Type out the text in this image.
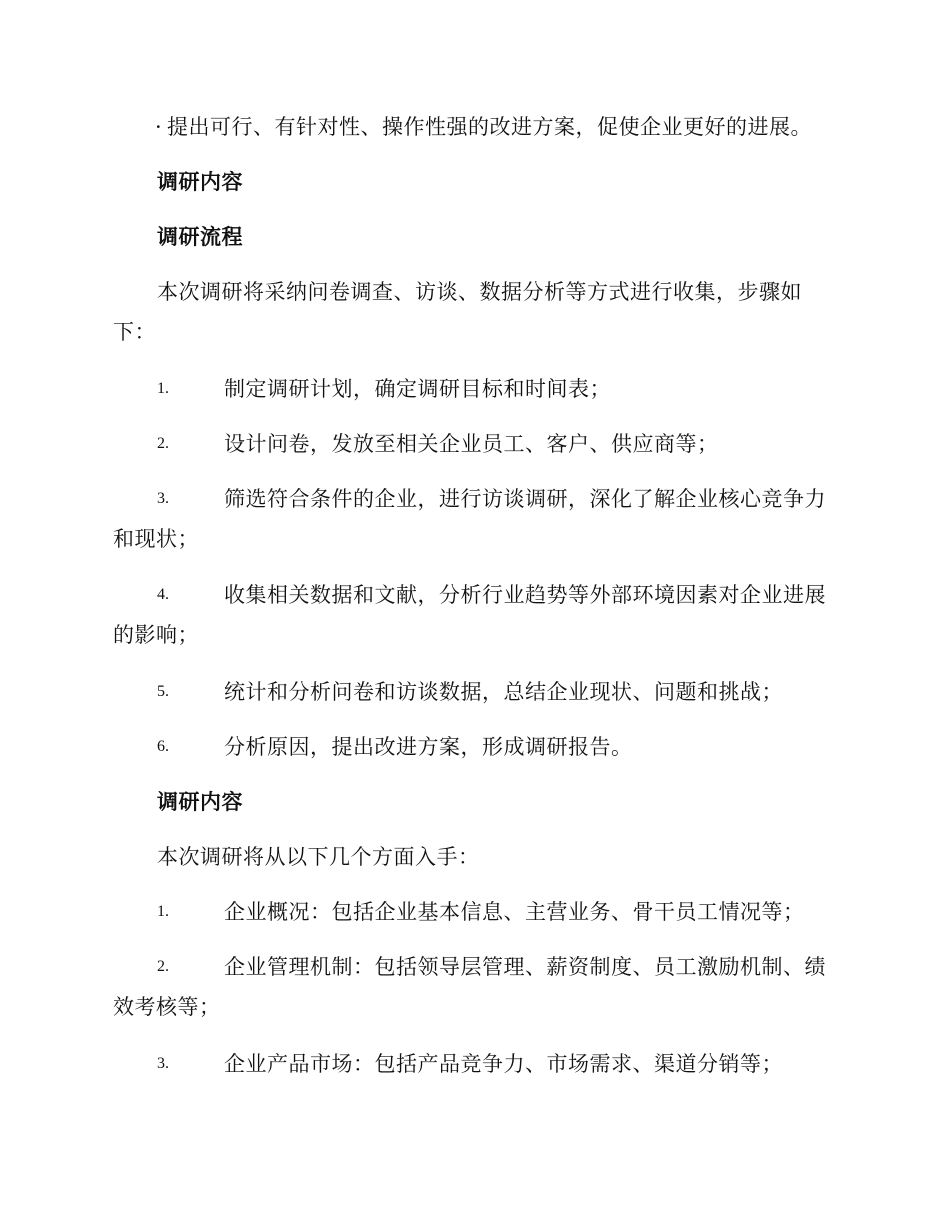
· 提出可行、有针对性、操作性强的改进方案，促使企业更好的进展。
调研内容
调研流程
本次调研将采纳问卷调查、访谈、数据分析等方式进行收集，步骤如
下：
1.	制定调研计划，确定调研目标和时间表；
2.	设计问卷，发放至相关企业员工、客户、供应商等；
3.	筛选符合条件的企业，进行访谈调研，深化了解企业核心竞争力
和现状；
4.	收集相关数据和文献，分析行业趋势等外部环境因素对企业进展
的影响；
5.	统计和分析问卷和访谈数据，总结企业现状、问题和挑战；
6.	分析原因，提出改进方案，形成调研报告。
调研内容
本次调研将从以下几个方面入手：
1.	企业概况：包括企业基本信息、主营业务、骨干员工情况等；
2.	企业管理机制：包括领导层管理、薪资制度、员工激励机制、绩
效考核等；
3.	企业产品市场：包括产品竞争力、市场需求、渠道分销等；
